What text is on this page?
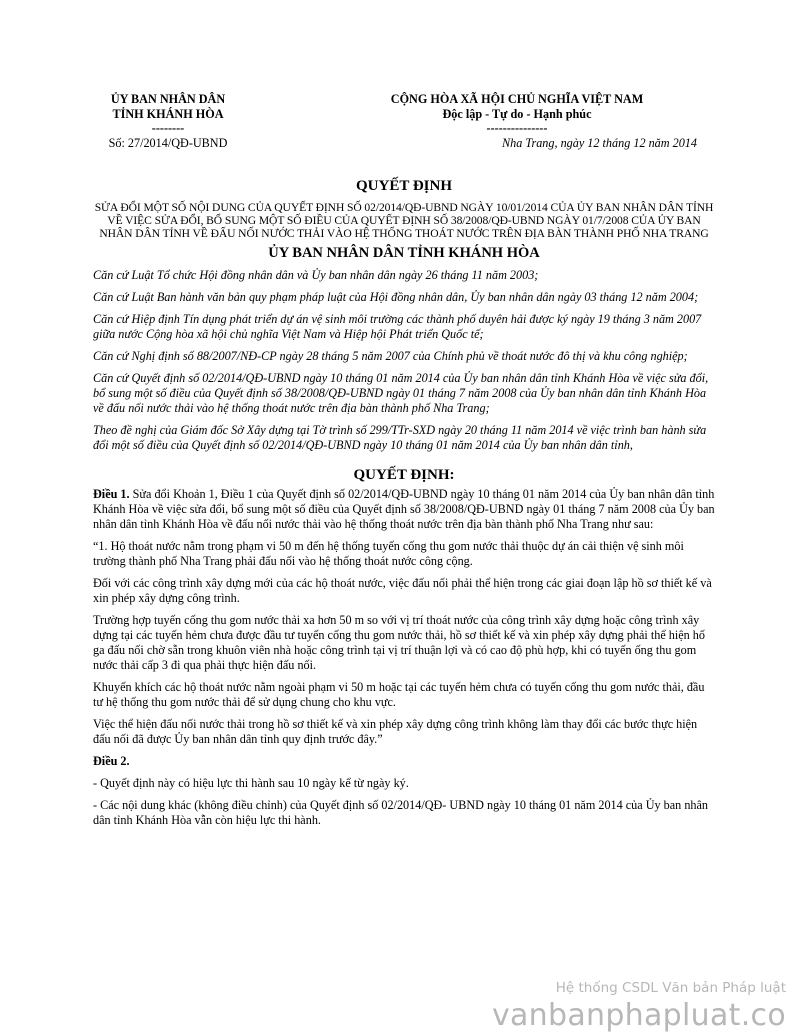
ỦY BAN NHÂN DÂN
TỈNH KHÁNH HÒA
--------
CỘNG HÒA XÃ HỘI CHỦ NGHĨA VIỆT NAM
Độc lập - Tự do - Hạnh phúc
---------------
Số: 27/2014/QĐ-UBND	Nha Trang, ngày 12 tháng 12 năm 2014
QUYẾT ĐỊNH
SỬA ĐỔI MỘT SỐ NỘI DUNG CỦA QUYẾT ĐỊNH SỐ 02/2014/QĐ-UBND NGÀY 10/01/2014 CỦA ỦY BAN NHÂN DÂN TỈNH VỀ VIỆC SỬA ĐỔI, BỔ SUNG MỘT SỐ ĐIỀU CỦA QUYẾT ĐỊNH SỐ 38/2008/QĐ-UBND NGÀY 01/7/2008 CỦA ỦY BAN NHÂN DÂN TỈNH VỀ ĐẤU NỐI NƯỚC THẢI VÀO HỆ THỐNG THOÁT NƯỚC TRÊN ĐỊA BÀN THÀNH PHỐ NHA TRANG
ỦY BAN NHÂN DÂN TỈNH KHÁNH HÒA

Căn cứ Luật Tổ chức Hội đồng nhân dân và Ủy ban nhân dân ngày 26 tháng 11 năm 2003;

Căn cứ Luật Ban hành văn bản quy phạm pháp luật của Hội đồng nhân dân, Ủy ban nhân dân ngày 03 tháng 12 năm 2004;

Căn cứ Hiệp định Tín dụng phát triển dự án vệ sinh môi trường các thành phố duyên hải được ký ngày 19 tháng 3 năm 2007 giữa nước Cộng hòa xã hội chủ nghĩa Việt Nam và Hiệp hội Phát triển Quốc tế;

Căn cứ Nghị định số 88/2007/NĐ-CP ngày 28 tháng 5 năm 2007 của Chính phủ về thoát nước đô thị và khu công nghiệp;

Căn cứ Quyết định số 02/2014/QĐ-UBND ngày 10 tháng 01 năm 2014 của Ủy ban nhân dân tỉnh Khánh Hòa về việc sửa đổi, bổ sung một số điều của Quyết định số 38/2008/QĐ-UBND ngày 01 tháng 7 năm 2008 của Ủy ban nhân dân tỉnh Khánh Hòa về đấu nối nước thải vào hệ thống thoát nước trên địa bàn thành phố Nha Trang;

Theo đề nghị của Giám đốc Sở Xây dựng tại Tờ trình số 299/TTr-SXD ngày 20 tháng 11 năm 2014 về việc trình ban hành sửa đổi một số điều của Quyết định số 02/2014/QĐ-UBND ngày 10 tháng 01 năm 2014 của Ủy ban nhân dân tỉnh,

QUYẾT ĐỊNH:

Điều 1. Sửa đổi Khoản 1, Điều 1 của Quyết định số 02/2014/QĐ-UBND ngày 10 tháng 01 năm 2014 của Ủy ban nhân dân tỉnh Khánh Hòa về việc sửa đổi, bổ sung một số điều của Quyết định số 38/2008/QĐ-UBND ngày 01 tháng 7 năm 2008 của Ủy ban nhân dân tỉnh Khánh Hòa về đấu nối nước thải vào hệ thống thoát nước trên địa bàn thành phố Nha Trang như sau:

“1. Hộ thoát nước nằm trong phạm vi 50 m đến hệ thống tuyến cống thu gom nước thải thuộc dự án cải thiện vệ sinh môi trường thành phố Nha Trang phải đấu nối vào hệ thống thoát nước công cộng.

Đối với các công trình xây dựng mới của các hộ thoát nước, việc đấu nối phải thể hiện trong các giai đoạn lập hồ sơ thiết kế và xin phép xây dựng công trình.

Trường hợp tuyến cống thu gom nước thải xa hơn 50 m so với vị trí thoát nước của công trình xây dựng hoặc công trình xây dựng tại các tuyến hẻm chưa được đầu tư tuyến cống thu gom nước thải, hồ sơ thiết kế và xin phép xây dựng phải thể hiện hố ga đấu nối chờ sẵn trong khuôn viên nhà hoặc công trình tại vị trí thuận lợi và có cao độ phù hợp, khi có tuyến ống thu gom nước thải cấp 3 đi qua phải thực hiện đấu nối.

Khuyến khích các hộ thoát nước nằm ngoài phạm vi 50 m hoặc tại các tuyến hẻm chưa có tuyến cống thu gom nước thải, đầu tư hệ thống thu gom nước thải để sử dụng chung cho khu vực.

Việc thể hiện đấu nối nước thải trong hồ sơ thiết kế và xin phép xây dựng công trình không làm thay đổi các bước thực hiện đấu nối đã được Ủy ban nhân dân tỉnh quy định trước đây.”

Điều 2.

- Quyết định này có hiệu lực thi hành sau 10 ngày kể từ ngày ký.

- Các nội dung khác (không điều chỉnh) của Quyết định số 02/2014/QĐ- UBND ngày 10 tháng 01 năm 2014 của Ủy ban nhân dân tỉnh Khánh Hòa vẫn còn hiệu lực thi hành.

Hệ thống CSDL Văn bản Pháp luật
vanbanphapluat.co
